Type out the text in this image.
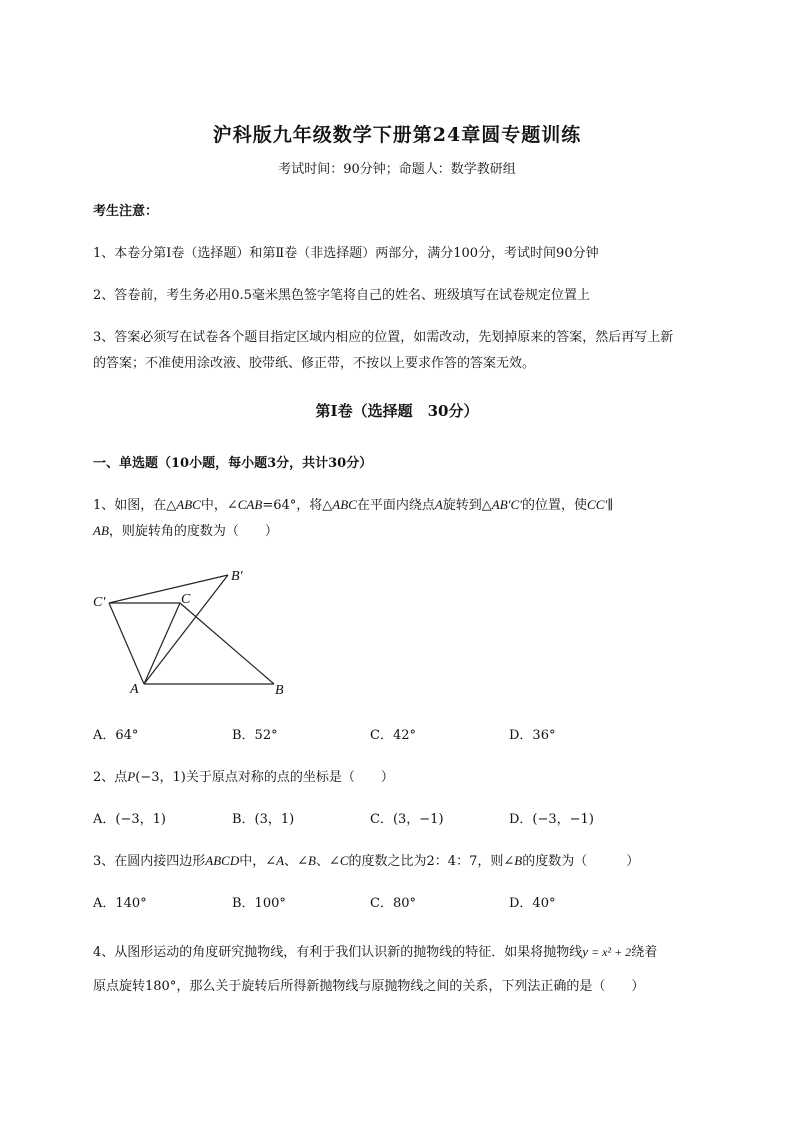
沪科版九年级数学下册第24章圆专题训练
考试时间：90分钟；命题人：数学教研组
考生注意：
1、本卷分第I卷（选择题）和第Ⅱ卷（非选择题）两部分，满分100分，考试时间90分钟
2、答卷前，考生务必用0.5毫米黑色签字笔将自己的姓名、班级填写在试卷规定位置上
3、答案必须写在试卷各个题目指定区域内相应的位置，如需改动，先划掉原来的答案，然后再写上新
的答案；不准使用涂改液、胶带纸、修正带，不按以上要求作答的答案无效。
第I卷（选择题　30分）
一、单选题（10小题，每小题3分，共计30分）
1、如图，在△ABC中，∠CAB=64°，将△ABC在平面内绕点A旋转到△AB′C′的位置，使CC′∥
AB，则旋转角的度数为（　　）
C′
B′
C
A	B
A．64°	B．52°	C．42°	D．36°
2、点P(−3，1)关于原点对称的点的坐标是（　　）
A．(−3，1)	B．(3，1)	C．(3，−1)	D．(−3，−1)
3、在圆内接四边形ABCD中，∠A、∠B、∠C的度数之比为2：4：7，则∠B的度数为（　　　）
A．140°	B．100°	C．80°	D．40°
4、从图形运动的角度研究抛物线，有利于我们认识新的抛物线的特征．如果将抛物线y = x² + 2绕着
原点旋转180°，那么关于旋转后所得新抛物线与原抛物线之间的关系，下列法正确的是（　　）
